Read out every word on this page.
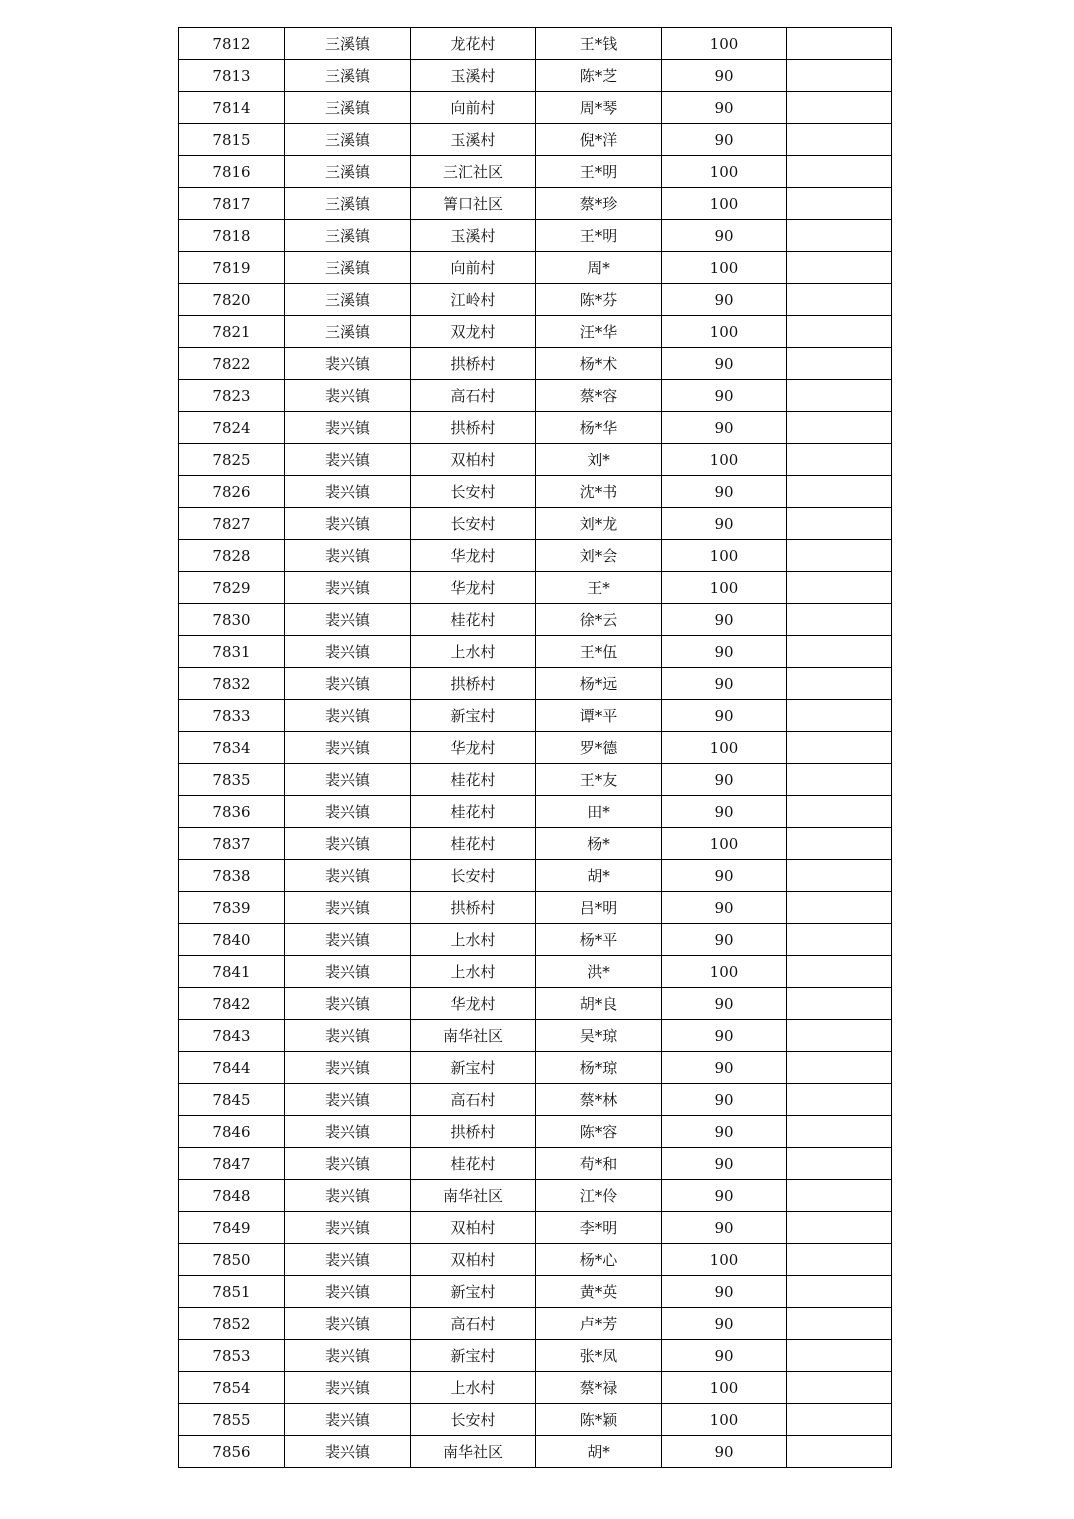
7812	三溪镇	龙花村	王*钱	100	
7813	三溪镇	玉溪村	陈*芝	90	
7814	三溪镇	向前村	周*琴	90	
7815	三溪镇	玉溪村	倪*洋	90	
7816	三溪镇	三汇社区	王*明	100	
7817	三溪镇	箐口社区	蔡*珍	100	
7818	三溪镇	玉溪村	王*明	90	
7819	三溪镇	向前村	周*	100	
7820	三溪镇	江岭村	陈*芬	90	
7821	三溪镇	双龙村	汪*华	100	
7822	裴兴镇	拱桥村	杨*术	90	
7823	裴兴镇	高石村	蔡*容	90	
7824	裴兴镇	拱桥村	杨*华	90	
7825	裴兴镇	双柏村	刘*	100	
7826	裴兴镇	长安村	沈*书	90	
7827	裴兴镇	长安村	刘*龙	90	
7828	裴兴镇	华龙村	刘*会	100	
7829	裴兴镇	华龙村	王*	100	
7830	裴兴镇	桂花村	徐*云	90	
7831	裴兴镇	上水村	王*伍	90	
7832	裴兴镇	拱桥村	杨*远	90	
7833	裴兴镇	新宝村	谭*平	90	
7834	裴兴镇	华龙村	罗*德	100	
7835	裴兴镇	桂花村	王*友	90	
7836	裴兴镇	桂花村	田*	90	
7837	裴兴镇	桂花村	杨*	100	
7838	裴兴镇	长安村	胡*	90	
7839	裴兴镇	拱桥村	吕*明	90	
7840	裴兴镇	上水村	杨*平	90	
7841	裴兴镇	上水村	洪*	100	
7842	裴兴镇	华龙村	胡*良	90	
7843	裴兴镇	南华社区	吴*琼	90	
7844	裴兴镇	新宝村	杨*琼	90	
7845	裴兴镇	高石村	蔡*林	90	
7846	裴兴镇	拱桥村	陈*容	90	
7847	裴兴镇	桂花村	苟*和	90	
7848	裴兴镇	南华社区	江*伶	90	
7849	裴兴镇	双柏村	李*明	90	
7850	裴兴镇	双柏村	杨*心	100	
7851	裴兴镇	新宝村	黄*英	90	
7852	裴兴镇	高石村	卢*芳	90	
7853	裴兴镇	新宝村	张*凤	90	
7854	裴兴镇	上水村	蔡*禄	100	
7855	裴兴镇	长安村	陈*颖	100	
7856	裴兴镇	南华社区	胡*	90	
